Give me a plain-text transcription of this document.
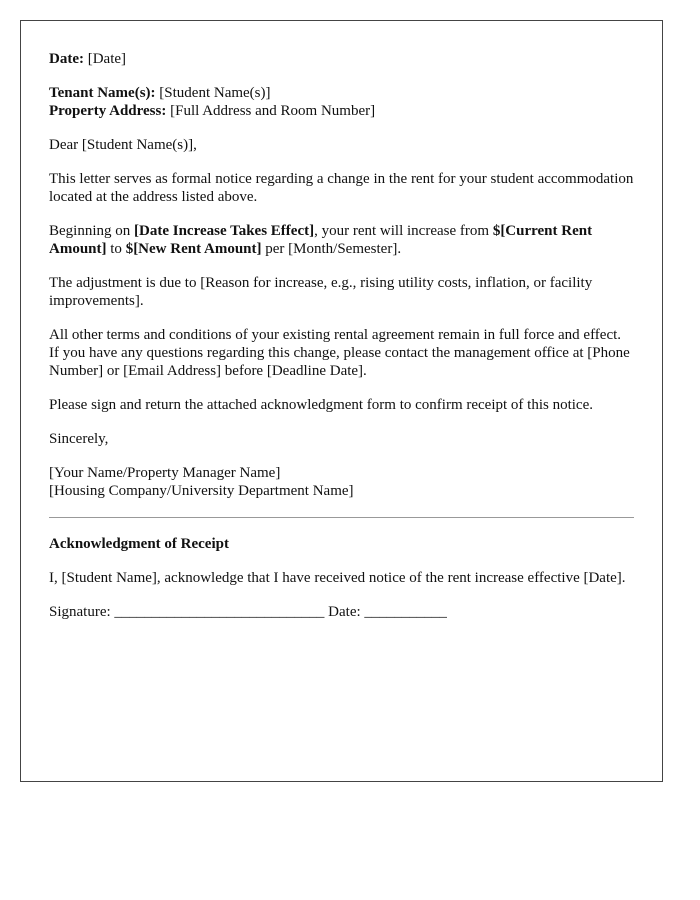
Date: [Date]

Tenant Name(s): [Student Name(s)]
Property Address: [Full Address and Room Number]

Dear [Student Name(s)],

This letter serves as formal notice regarding a change in the rent for your student accommodation located at the address listed above.

Beginning on [Date Increase Takes Effect], your rent will increase from $[Current Rent Amount] to $[New Rent Amount] per [Month/Semester].

The adjustment is due to [Reason for increase, e.g., rising utility costs, inflation, or facility improvements].

All other terms and conditions of your existing rental agreement remain in full force and effect. If you have any questions regarding this change, please contact the management office at [Phone Number] or [Email Address] before [Deadline Date].

Please sign and return the attached acknowledgment form to confirm receipt of this notice.

Sincerely,

[Your Name/Property Manager Name]
[Housing Company/University Department Name]

Acknowledgment of Receipt

I, [Student Name], acknowledge that I have received notice of the rent increase effective [Date].

Signature: ____________________________ Date: ___________
